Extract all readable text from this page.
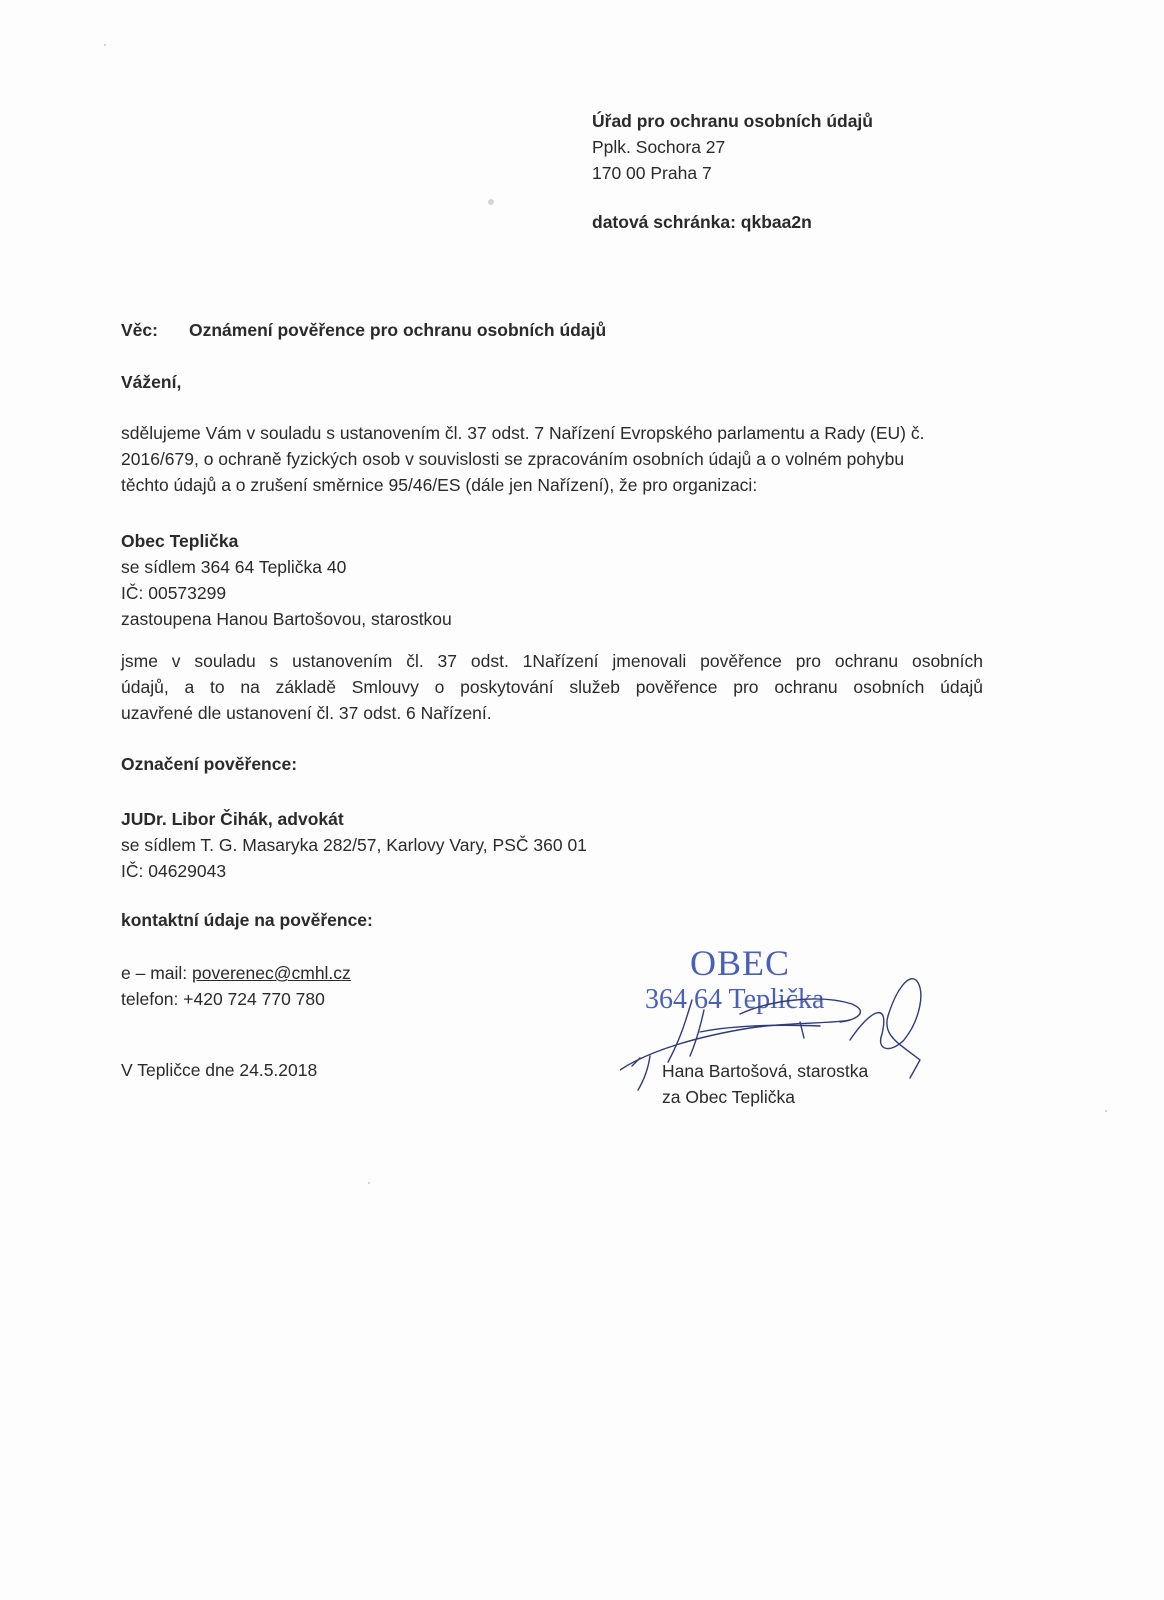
Úřad pro ochranu osobních údajů
Pplk. Sochora 27
170 00 Praha 7
datová schránka: qkbaa2n
Věc: Oznámení pověřence pro ochranu osobních údajů
Vážení,
sdělujeme Vám v souladu s ustanovením čl. 37 odst. 7 Nařízení Evropského parlamentu a Rady (EU) č.
2016/679, o ochraně fyzických osob v souvislosti se zpracováním osobních údajů a o volném pohybu
těchto údajů a o zrušení směrnice 95/46/ES (dále jen Nařízení), že pro organizaci:
Obec Teplička
se sídlem 364 64 Teplička 40
IČ: 00573299
zastoupena Hanou Bartošovou, starostkou
jsme v souladu s ustanovením čl. 37 odst. 1Nařízení jmenovali pověřence pro ochranu osobních
údajů, a to na základě Smlouvy o poskytování služeb pověřence pro ochranu osobních údajů
uzavřené dle ustanovení čl. 37 odst. 6 Nařízení.
Označení pověřence:
JUDr. Libor Čihák, advokát
se sídlem T. G. Masaryka 282/57, Karlovy Vary, PSČ 360 01
IČ: 04629043
kontaktní údaje na pověřence:
e – mail: poverenec@cmhl.cz
telefon: +420 724 770 780
V Tepličce dne 24.5.2018
OBEC
364 64 Teplička
Hana Bartošová, starostka
za Obec Teplička
